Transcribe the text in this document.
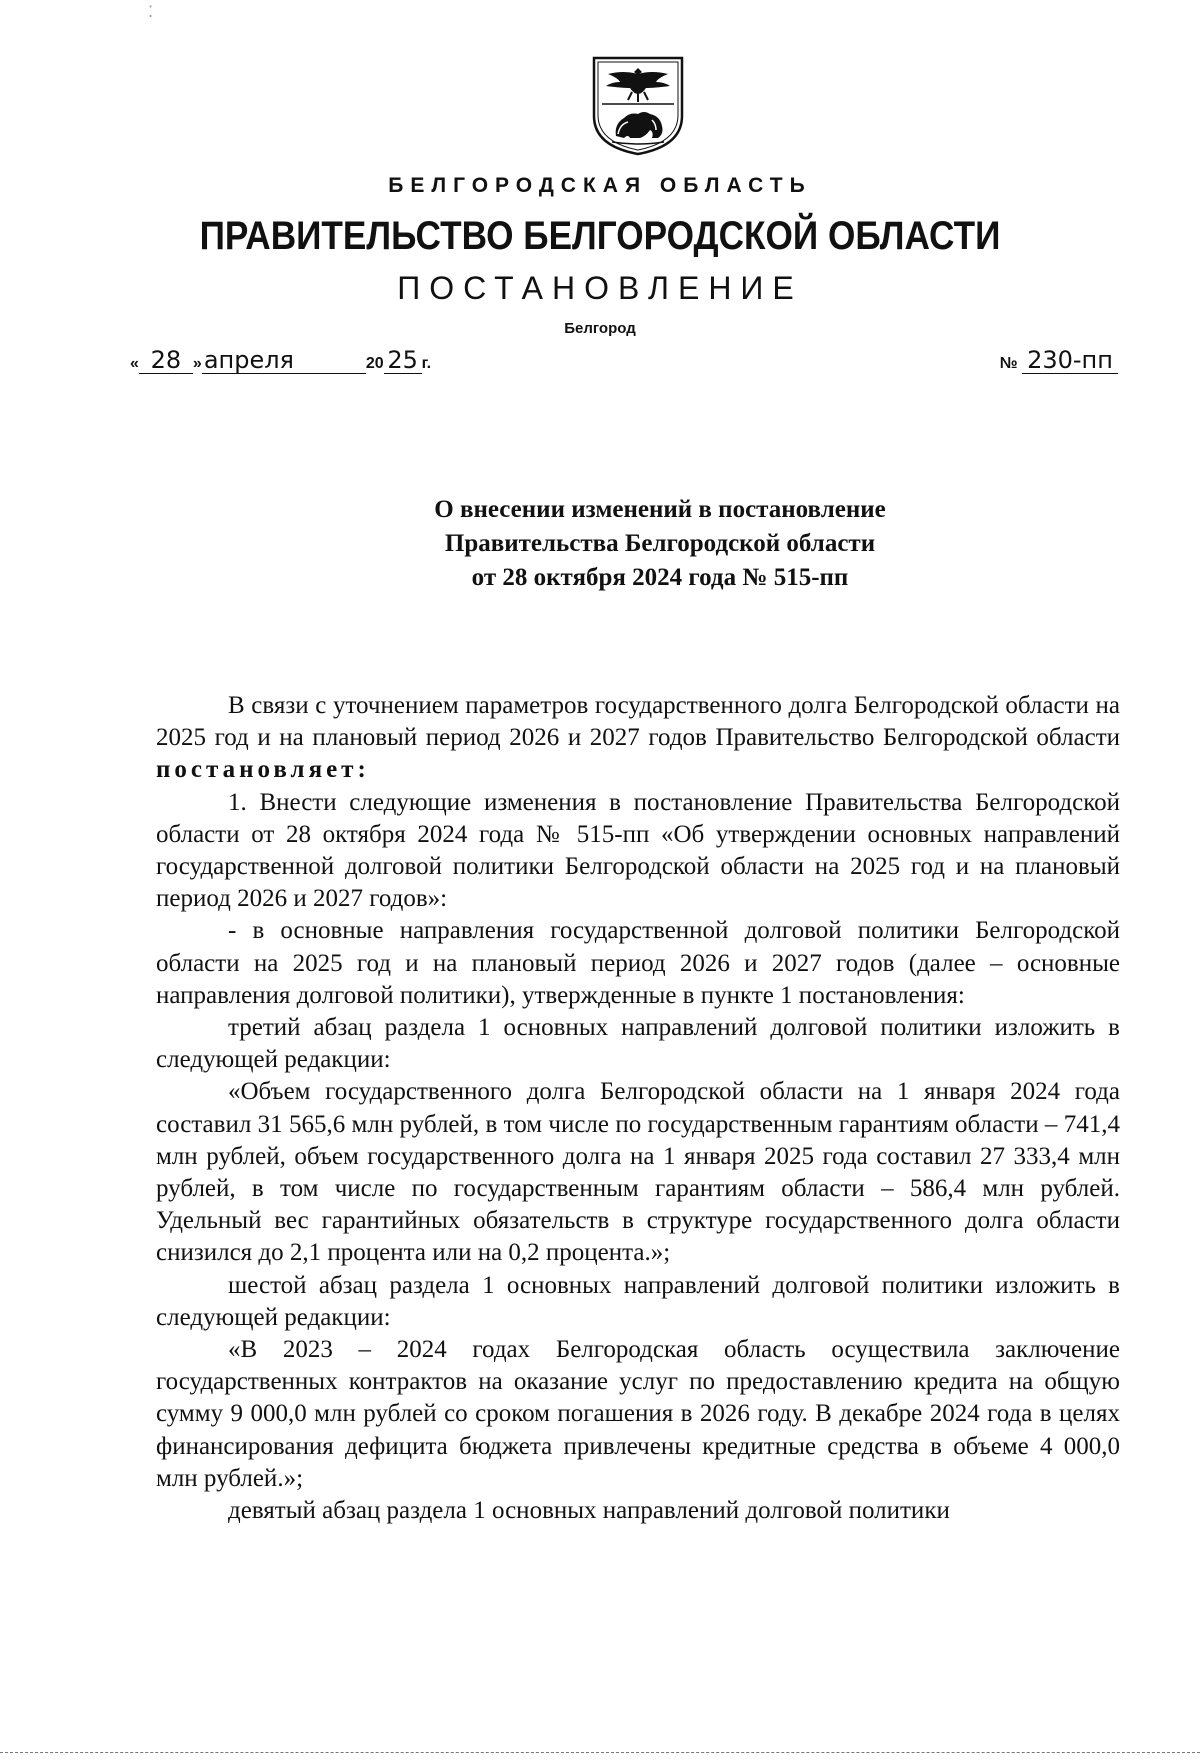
⁚
БЕЛГОРОДСКАЯ ОБЛАСТЬ
ПРАВИТЕЛЬСТВО БЕЛГОРОДСКОЙ ОБЛАСТИ
ПОСТАНОВЛЕНИЕ
Белгород
« 28 »апреля	20 25 г.	№ 230-пп
О внесении изменений в постановление
Правительства Белгородской области
от 28 октября 2024 года № 515-пп

В связи с уточнением параметров государственного долга Белгородской области на 2025 год и на плановый период 2026 и 2027 годов Правительство Белгородской области постановляет:

1. Внести следующие изменения в постановление Правительства Белгородской области от 28 октября 2024 года № 515-пп «Об утверждении основных направлений государственной долговой политики Белгородской области на 2025 год и на плановый период 2026 и 2027 годов»:

- в основные направления государственной долговой политики Белгородской области на 2025 год и на плановый период 2026 и 2027 годов (далее – основные направления долговой политики), утвержденные в пункте 1 постановления:

третий абзац раздела 1 основных направлений долговой политики изложить в следующей редакции:

«Объем государственного долга Белгородской области на 1 января 2024 года составил 31 565,6 млн рублей, в том числе по государственным гарантиям области – 741,4 млн рублей, объем государственного долга на 1 января 2025 года составил 27 333,4 млн рублей, в том числе по государственным гарантиям области – 586,4 млн рублей. Удельный вес гарантийных обязательств в структуре государственного долга области снизился до 2,1 процента или на 0,2 процента.»;

шестой абзац раздела 1 основных направлений долговой политики изложить в следующей редакции:

«В 2023 – 2024 годах Белгородская область осуществила заключение государственных контрактов на оказание услуг по предоставлению кредита на общую сумму 9 000,0 млн рублей со сроком погашения в 2026 году. В декабре 2024 года в целях финансирования дефицита бюджета привлечены кредитные средства в объеме 4 000,0 млн рублей.»;

девятый абзац раздела 1 основных направлений долговой политики
